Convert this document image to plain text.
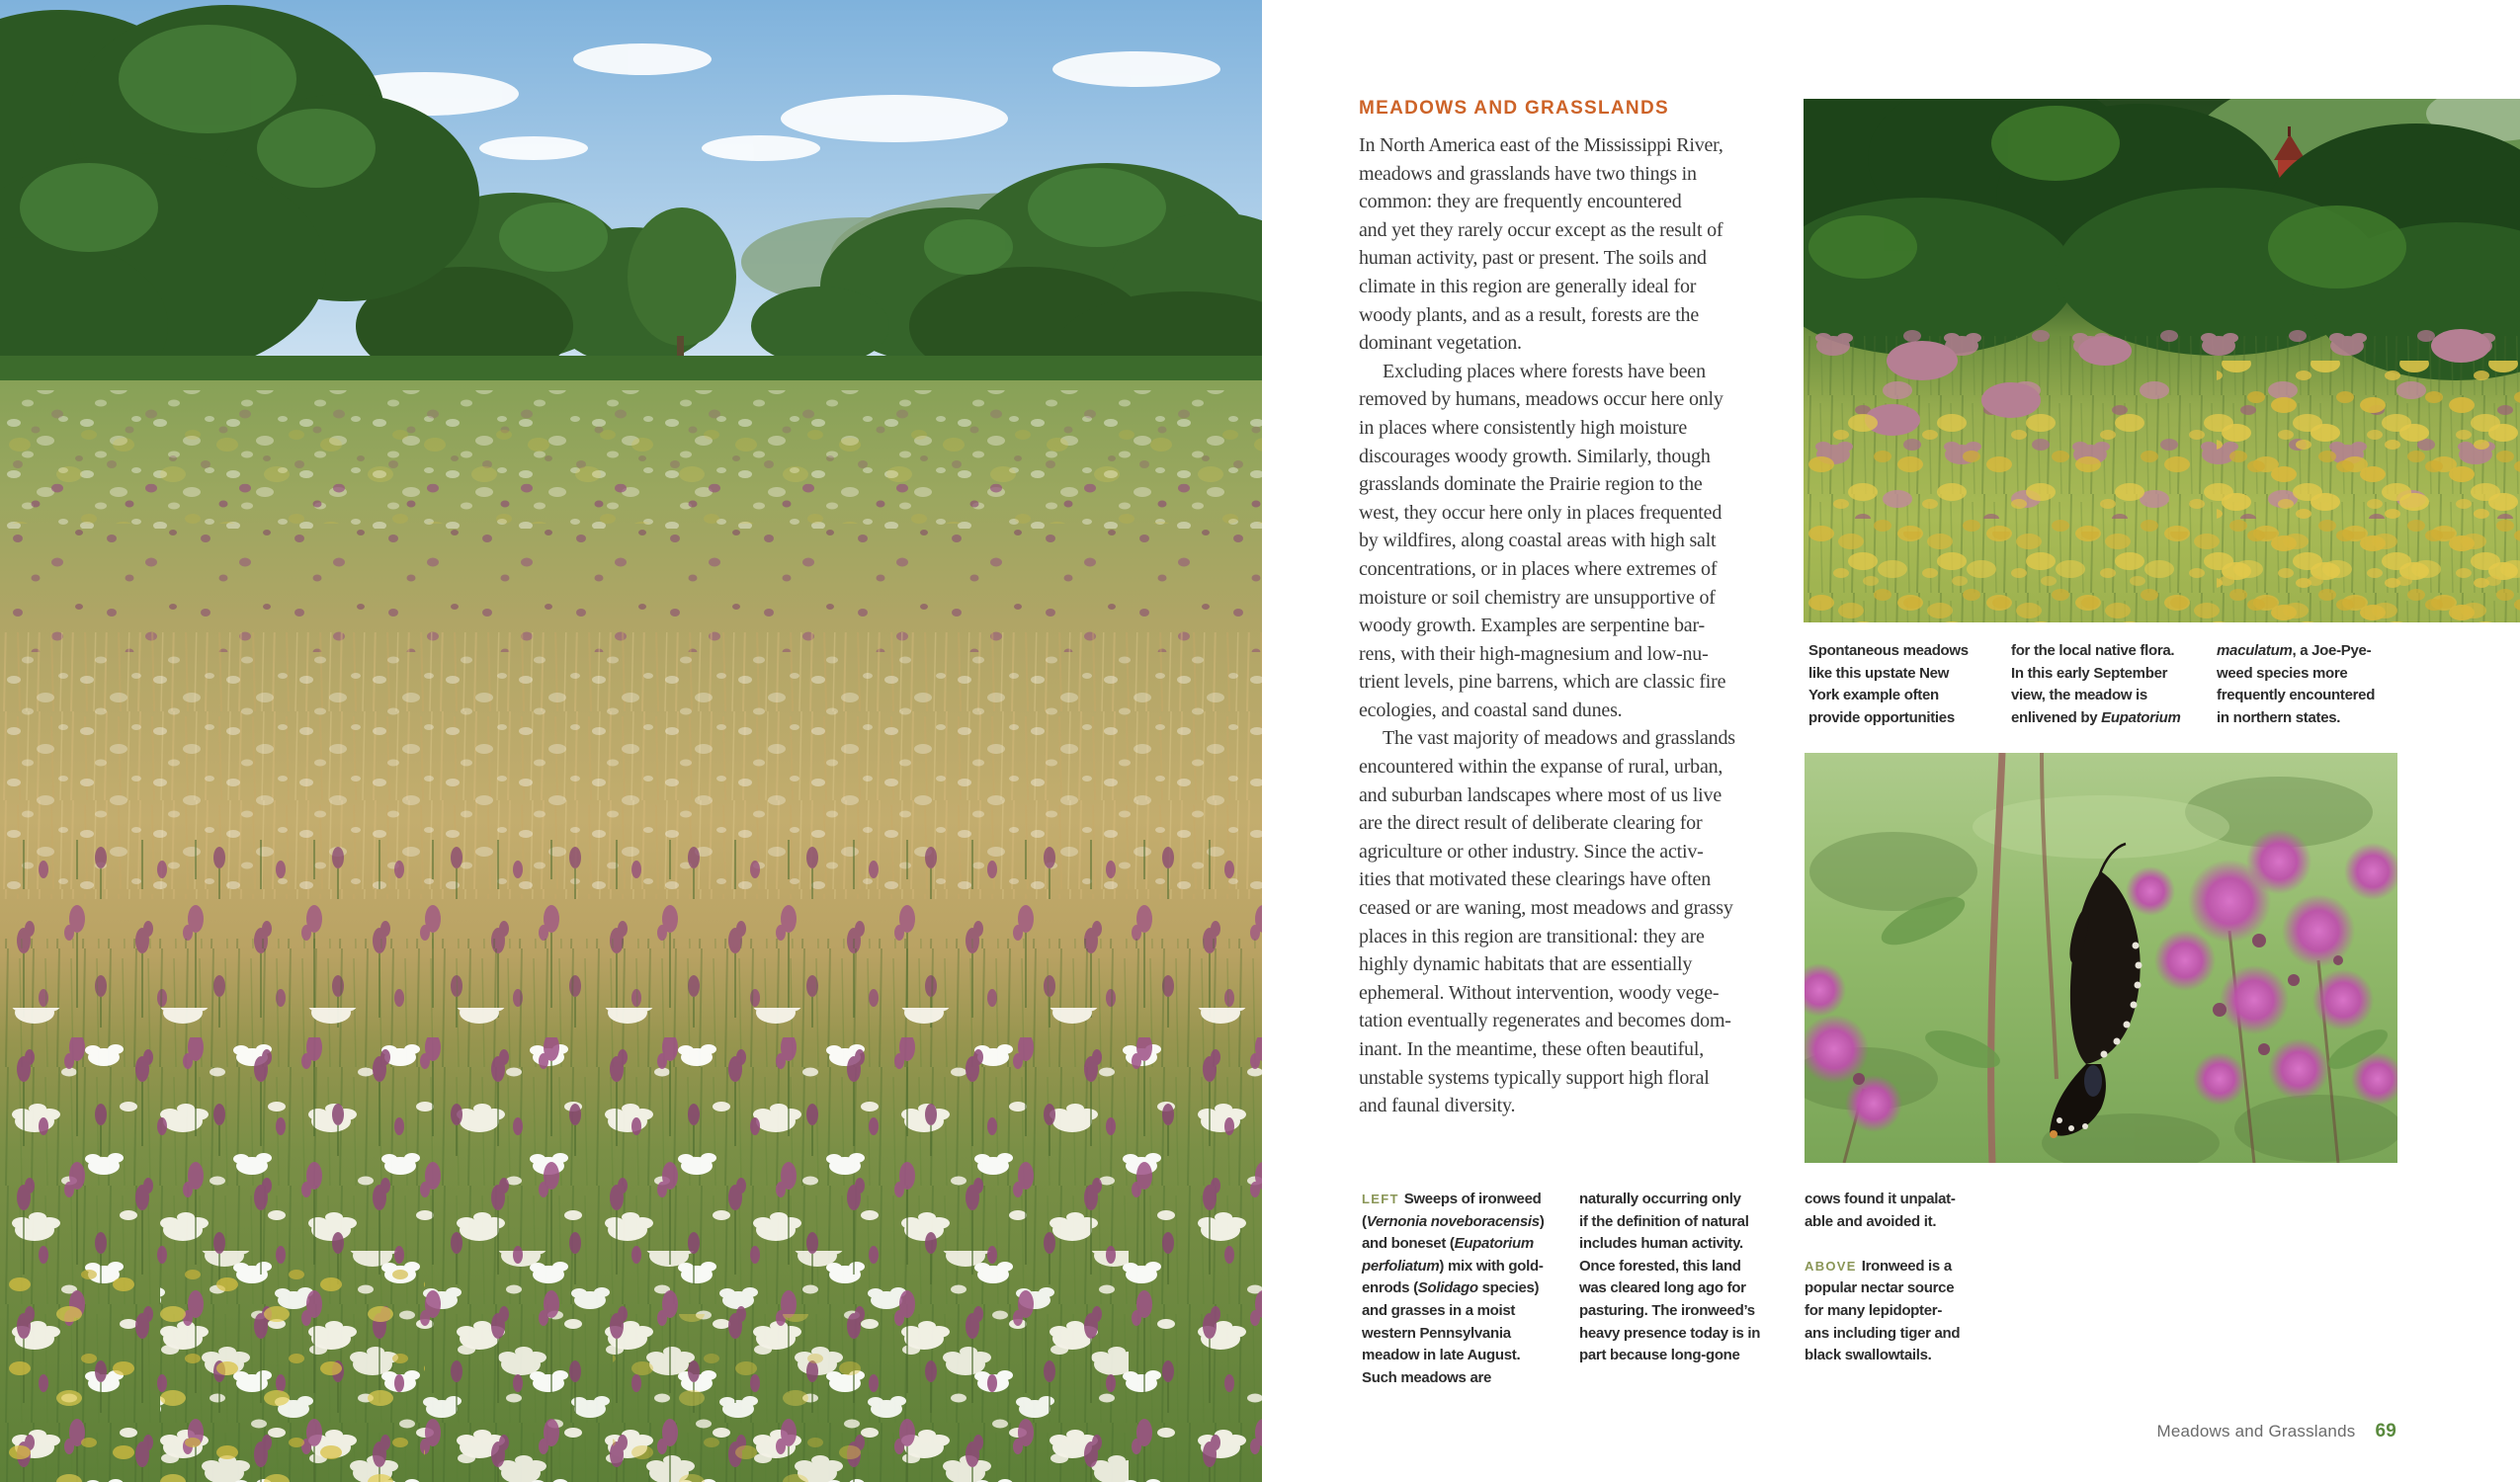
MEADOWS AND GRASSLANDS
In North America east of the Mississippi River,
meadows and grasslands have two things in
common: they are frequently encountered
and yet they rarely occur except as the result of
human activity, past or present. The soils and
climate in this region are generally ideal for
woody plants, and as a result, forests are the
dominant vegetation.
Excluding places where forests have been
removed by humans, meadows occur here only
in places where consistently high moisture
discourages woody growth. Similarly, though
grasslands dominate the Prairie region to the
west, they occur here only in places frequented
by wildfires, along coastal areas with high salt
concentrations, or in places where extremes of
moisture or soil chemistry are unsupportive of
woody growth. Examples are serpentine bar-
rens, with their high-magnesium and low-nu-
trient levels, pine barrens, which are classic fire
ecologies, and coastal sand dunes.
The vast majority of meadows and grasslands
encountered within the expanse of rural, urban,
and suburban landscapes where most of us live
are the direct result of deliberate clearing for
agriculture or other industry. Since the activ-
ities that motivated these clearings have often
ceased or are waning, most meadows and grassy
places in this region are transitional: they are
highly dynamic habitats that are essentially
ephemeral. Without intervention, woody vege-
tation eventually regenerates and becomes dom-
inant. In the meantime, these often beautiful,
unstable systems typically support high floral
and faunal diversity.
Spontaneous meadows
like this upstate New
York example often
provide opportunities
for the local native flora.
In this early September
view, the meadow is
enlivened by Eupatorium
maculatum, a Joe-Pye-
weed species more
frequently encountered
in northern states.
LEFT Sweeps of ironweed
(Vernonia noveboracensis)
and boneset (Eupatorium
perfoliatum) mix with gold-
enrods (Solidago species)
and grasses in a moist
western Pennsylvania
meadow in late August.
Such meadows are
naturally occurring only
if the definition of natural
includes human activity.
Once forested, this land
was cleared long ago for
pasturing. The ironweed’s
heavy presence today is in
part because long-gone
cows found it unpalat-
able and avoided it.
ABOVE Ironweed is a
popular nectar source
for many lepidopter-
ans including tiger and
black swallowtails.
Meadows and Grasslands 69
